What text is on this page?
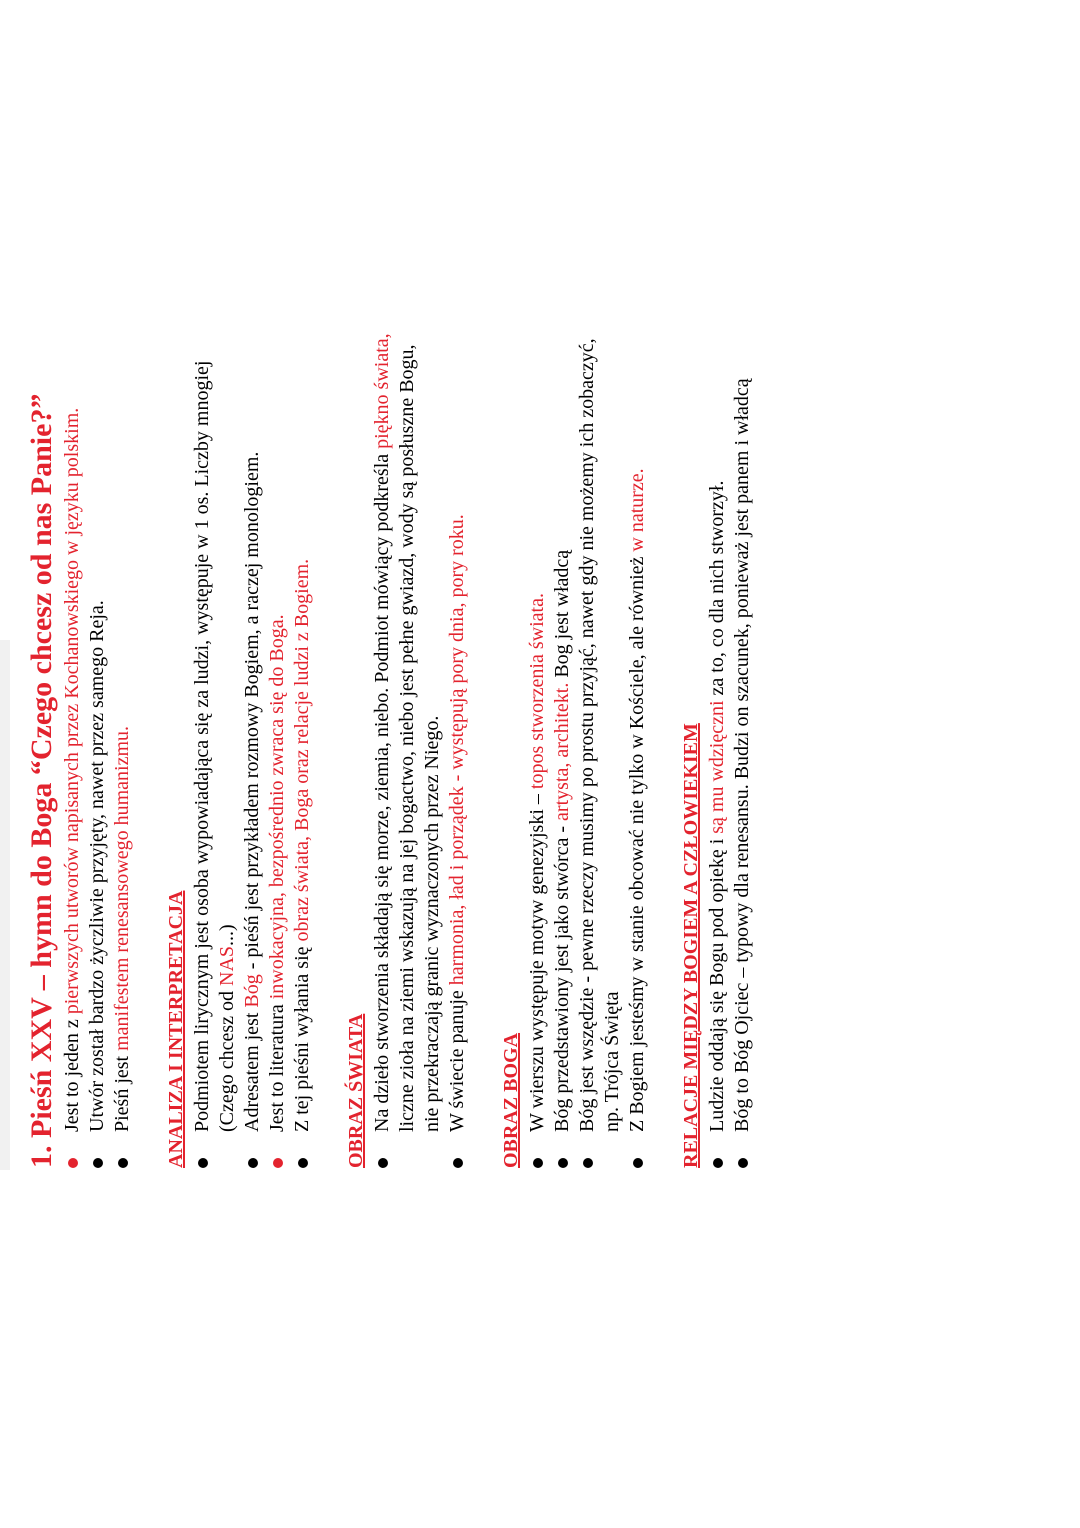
1. Pieśń XXV – hymn do Boga “Czego chcesz od nas Panie?” Jest to jeden z pierwszych utworów napisanych przez Kochanowskiego w języku polskim. Utwór został bardzo życzliwie przyjęty, nawet przez samego Reja. Pieśń jest manifestem renesansowego humanizmu. ANALIZA I INTERPRETACJA Podmiotem lirycznym jest osoba wypowiadająca się za ludzi, występuje w 1 os. Liczby mnogiej (Czego chcesz od NAS...)
Adresatem jest Bóg - pieśń jest przykładem rozmowy Bogiem, a raczej monologiem.
Jest to literatura inwokacyjna, bezpośrednio zwraca się do Boga.
Z tej pieśni wyłania się obraz świata, Boga oraz relacje ludzi z Bogiem.
OBRAZ ŚWIATA Na dzieło stworzenia składają się morze, ziemia, niebo. Podmiot mówiący podkreśla piękno świata, liczne zioła na ziemi wskazują na jej bogactwo, niebo jest pełne gwiazd, wody są posłuszne Bogu, nie przekraczają granic wyznaczonych przez Niego. W świecie panuje harmonia, ład i porządek - występują pory dnia, pory roku.
OBRAZ BOGA W wierszu występuje motyw genezyjski – topos stworzenia świata.
Bóg przedstawiony jest jako stwórca - artysta, architekt. Bog jest władcą Bóg jest wszędzie - pewne rzeczy musimy po prostu przyjąć, nawet gdy nie możemy ich zobaczyć, np. Trójca Święta Z Bogiem jesteśmy w stanie obcować nie tylko w Kościele, ale również w naturze.
RELACJE MIĘDZY BOGIEM A CZŁOWIEKIEM Ludzie oddają się Bogu pod opiekę i są mu wdzięczni za to, co dla nich stworzył. Bóg to Bóg Ojciec – typowy dla renesansu. Budzi on szacunek, ponieważ jest panem i władcą
